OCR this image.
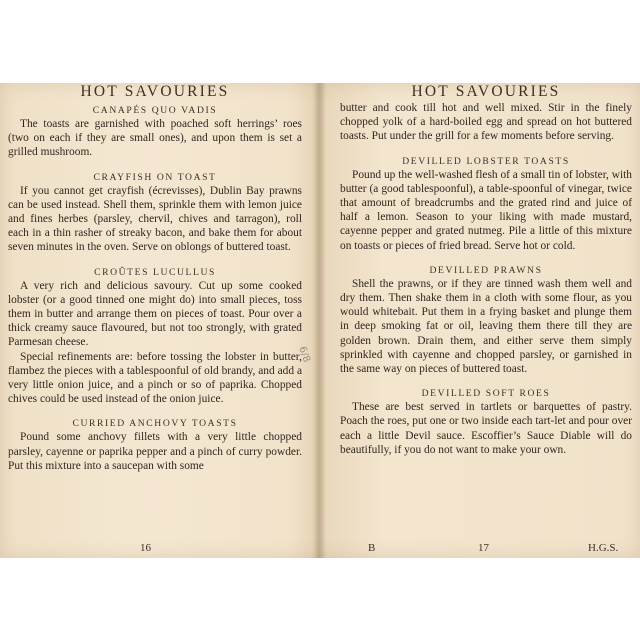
HOT SAVOURIES
CANAPÉS QUO VADIS

The toasts are garnished with poached soft herrings’ roes (two on each if they are small ones), and upon them is set a grilled mushroom.

CRAYFISH ON TOAST

If you cannot get crayfish (écrevisses), Dublin Bay prawns can be used instead. Shell them, sprinkle them with lemon juice and fines herbes (parsley, chervil, chives and tarragon), roll each in a thin rasher of streaky bacon, and bake them for about seven minutes in the oven. Serve on oblongs of buttered toast.

CROÛTES LUCULLUS

A very rich and delicious savoury. Cut up some cooked lobster (or a good tinned one might do) into small pieces, toss them in butter and arrange them on pieces of toast. Pour over a thick creamy sauce flavoured, but not too strongly, with grated Parmesan cheese.

Special refinements are: before tossing the lobster in butter, flambez the pieces with a tablespoonful of old brandy, and add a very little onion juice, and a pinch or so of paprika. Chopped chives could be used instead of the onion juice.

CURRIED ANCHOVY TOASTS

Pound some anchovy fillets with a very little chopped parsley, cayenne or paprika pepper and a pinch of curry powder. Put this mixture into a saucepan with some

16
6/8
HOT SAVOURIES

butter and cook till hot and well mixed. Stir in the finely chopped yolk of a hard-boiled egg and spread on hot buttered toasts. Put under the grill for a few moments before serving.

DEVILLED LOBSTER TOASTS

Pound up the well-washed flesh of a small tin of lobster, with butter (a good tablespoonful), a table-spoonful of vinegar, twice that amount of breadcrumbs and the grated rind and juice of half a lemon. Season to your liking with made mustard, cayenne pepper and grated nutmeg. Pile a little of this mixture on toasts or pieces of fried bread. Serve hot or cold.

DEVILLED PRAWNS

Shell the prawns, or if they are tinned wash them well and dry them. Then shake them in a cloth with some flour, as you would whitebait. Put them in a frying basket and plunge them in deep smoking fat or oil, leaving them there till they are golden brown. Drain them, and either serve them simply sprinkled with cayenne and chopped parsley, or garnished in the same way on pieces of buttered toast.

DEVILLED SOFT ROES

These are best served in tartlets or barquettes of pastry. Poach the roes, put one or two inside each tart-let and pour over each a little Devil sauce. Escoffier’s Sauce Diable will do beautifully, if you do not want to make your own.

B	17	H.G.S.
